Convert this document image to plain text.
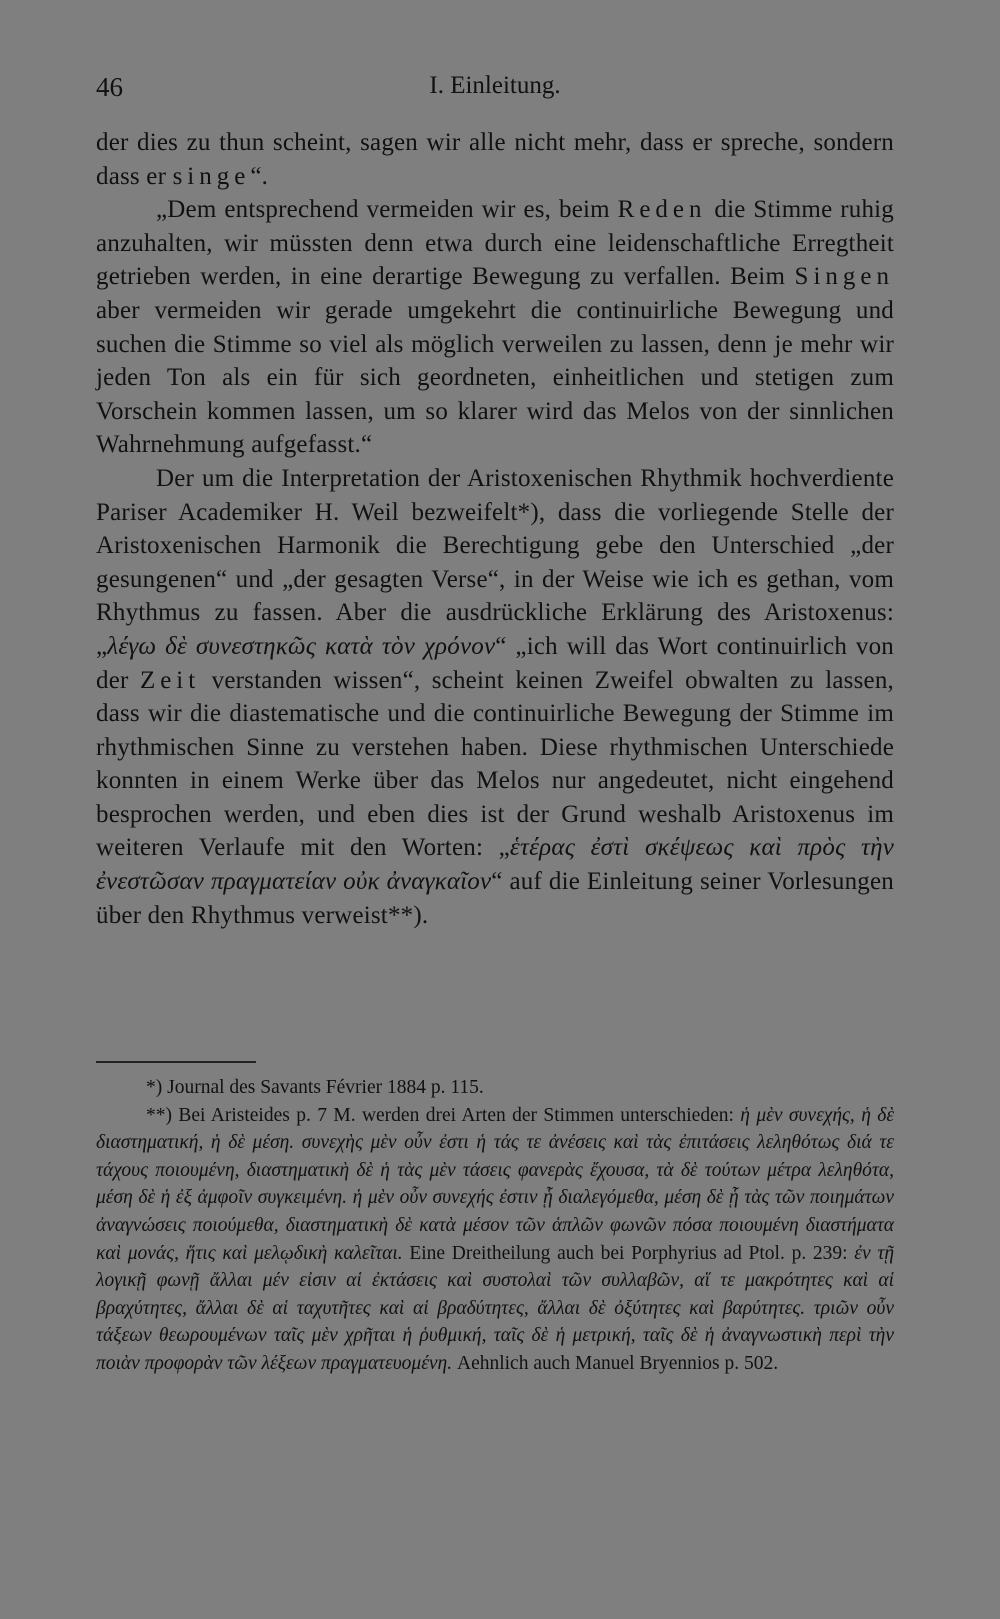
46	I. Einleitung.

der dies zu thun scheint, sagen wir alle nicht mehr, dass er spreche, sondern dass er singe“.

„Dem entsprechend vermeiden wir es, beim Reden die Stimme ruhig anzuhalten, wir müssten denn etwa durch eine leidenschaftliche Erregtheit getrieben werden, in eine derartige Bewegung zu verfallen. Beim Singen aber vermeiden wir gerade umgekehrt die continuirliche Bewegung und suchen die Stimme so viel als möglich verweilen zu lassen, denn je mehr wir jeden Ton als ein für sich geordneten, einheitlichen und stetigen zum Vorschein kommen lassen, um so klarer wird das Melos von der sinnlichen Wahrnehmung aufgefasst.“

Der um die Interpretation der Aristoxenischen Rhythmik hochverdiente Pariser Academiker H. Weil bezweifelt*), dass die vorliegende Stelle der Aristoxenischen Harmonik die Berechtigung gebe den Unterschied „der gesungenen“ und „der gesagten Verse“, in der Weise wie ich es gethan, vom Rhythmus zu fassen. Aber die ausdrückliche Erklärung des Aristoxenus: „λέγω δὲ συνεστηκῶς κατὰ τὸν χρόνον“ „ich will das Wort continuirlich von der Zeit verstanden wissen“, scheint keinen Zweifel obwalten zu lassen, dass wir die diastematische und die continuirliche Bewegung der Stimme im rhythmischen Sinne zu verstehen haben. Diese rhythmischen Unterschiede konnten in einem Werke über das Melos nur angedeutet, nicht eingehend besprochen werden, und eben dies ist der Grund weshalb Aristoxenus im weiteren Verlaufe mit den Worten: „ἑτέρας ἐστὶ σκέψεως καὶ πρὸς τὴν ἐνεστῶσαν πραγματείαν οὐκ ἀναγκαῖον“ auf die Einleitung seiner Vorlesungen über den Rhythmus verweist**).

*) Journal des Savants Février 1884 p. 115.

**) Bei Aristeides p. 7 M. werden drei Arten der Stimmen unterschieden: ἡ μὲν συνεχής, ἡ δὲ διαστηματική, ἡ δὲ μέση. συνεχὴς μὲν οὖν ἐστι ἡ τάς τε ἀνέσεις καὶ τὰς ἐπιτάσεις λεληθότως διά τε τάχους ποιουμένη, διαστηματικὴ δὲ ἡ τὰς μὲν τάσεις φανερὰς ἔχουσα, τὰ δὲ τούτων μέτρα λεληθότα, μέση δὲ ἡ ἐξ ἀμφοῖν συγκειμένη. ἡ μὲν οὖν συνεχής ἐστιν ᾗ διαλεγόμεθα, μέση δὲ ᾗ τὰς τῶν ποιημάτων ἀναγνώσεις ποιούμεθα, διαστηματικὴ δὲ κατὰ μέσον τῶν ἁπλῶν φωνῶν πόσα ποιουμένη διαστήματα καὶ μονάς, ἥτις καὶ μελῳδικὴ καλεῖται. Eine Dreitheilung auch bei Porphyrius ad Ptol. p. 239: ἐν τῇ λογικῇ φωνῇ ἄλλαι μέν εἰσιν αἱ ἐκτάσεις καὶ συστολαὶ τῶν συλλαβῶν, αἵ τε μακρότητες καὶ αἱ βραχύτητες, ἄλλαι δὲ αἱ ταχυτῆτες καὶ αἱ βραδύτητες, ἄλλαι δὲ ὀξύτητες καὶ βαρύτητες. τριῶν οὖν τάξεων θεωρουμένων ταῖς μὲν χρῆται ἡ ῥυθμική, ταῖς δὲ ἡ μετρική, ταῖς δὲ ἡ ἀναγνωστικὴ περὶ τὴν ποιὰν προφορὰν τῶν λέξεων πραγματευομένη. Aehnlich auch Manuel Bryennios p. 502.
